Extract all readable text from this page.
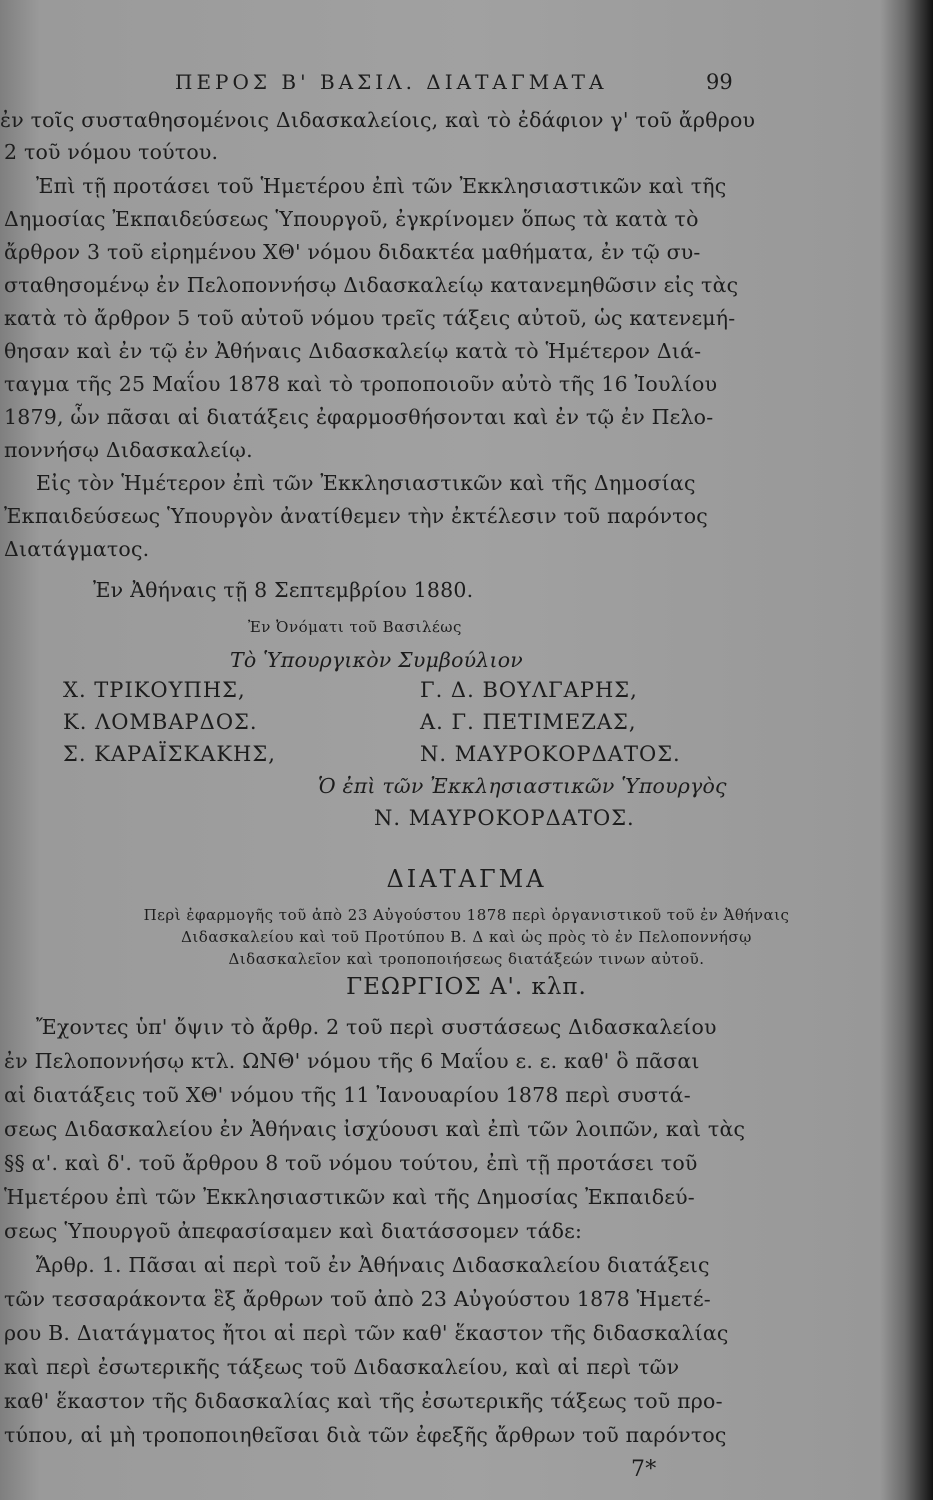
ΠΕΡΟΣ Β' ΒΑΣΙΛ. ΔΙΑΤΑΓΜΑΤΑ	99
ἐν τοῖς συσταθησομένοις Διδασκαλείοις, καὶ τὸ ἐδάφιον γ' τοῦ ἄρθρου
2 τοῦ νόμου τούτου.
Ἐπὶ τῇ προτάσει τοῦ Ἡμετέρου ἐπὶ τῶν Ἐκκλησιαστικῶν καὶ τῆς
Δημοσίας Ἐκπαιδεύσεως Ὑπουργοῦ, ἐγκρίνομεν ὅπως τὰ κατὰ τὸ
ἄρθρον 3 τοῦ εἰρημένου ΧΘ' νόμου διδακτέα μαθήματα, ἐν τῷ συ-
σταθησομένῳ ἐν Πελοποννήσῳ Διδασκαλείῳ κατανεμηθῶσιν εἰς τὰς
κατὰ τὸ ἄρθρον 5 τοῦ αὐτοῦ νόμου τρεῖς τάξεις αὐτοῦ, ὡς κατενεμή-
θησαν καὶ ἐν τῷ ἐν Ἀθήναις Διδασκαλείῳ κατὰ τὸ Ἡμέτερον Διά-
ταγμα τῆς 25 Μαΐου 1878 καὶ τὸ τροποποιοῦν αὐτὸ τῆς 16 Ἰουλίου
1879, ὧν πᾶσαι αἱ διατάξεις ἐφαρμοσθήσονται καὶ ἐν τῷ ἐν Πελο-
ποννήσῳ Διδασκαλείῳ.
Εἰς τὸν Ἡμέτερον ἐπὶ τῶν Ἐκκλησιαστικῶν καὶ τῆς Δημοσίας
Ἐκπαιδεύσεως Ὑπουργὸν ἀνατίθεμεν τὴν ἐκτέλεσιν τοῦ παρόντος
Διατάγματος.
Ἐν Ἀθήναις τῇ 8 Σεπτεμβρίου 1880.
Ἐν Ὀνόματι τοῦ Βασιλέως
Τὸ Ὑπουργικὸν Συμβούλιον
Χ. ΤΡΙΚΟΥΠΗΣ,
Κ. ΛΟΜΒΑΡΔΟΣ.
Σ. ΚΑΡΑΪΣΚΑΚΗΣ,
Γ. Δ. ΒΟΥΛΓΑΡΗΣ,
Α. Γ. ΠΕΤΙΜΕΖΑΣ,
Ν. ΜΑΥΡΟΚΟΡΔΑΤΟΣ.
Ὁ ἐπὶ τῶν Ἐκκλησιαστικῶν Ὑπουργὸς
Ν. ΜΑΥΡΟΚΟΡΔΑΤΟΣ.
ΔΙΑΤΑΓΜΑ
Περὶ ἐφαρμογῆς τοῦ ἀπὸ 23 Αὐγούστου 1878 περὶ ὀργανιστικοῦ τοῦ ἐν Ἀθήναις
Διδασκαλείου καὶ τοῦ Προτύπου Β. Δ καὶ ὡς πρὸς τὸ ἐν Πελοποννήσῳ
Διδασκαλεῖον καὶ τροποποιήσεως διατάξεών τινων αὐτοῦ.
ΓΕΩΡΓΙΟΣ Α'. κλπ.
Ἔχοντες ὑπ' ὄψιν τὸ ἄρθρ. 2 τοῦ περὶ συστάσεως Διδασκαλείου
ἐν Πελοποννήσῳ κτλ. ΩΝΘ' νόμου τῆς 6 Μαΐου ε. ε. καθ' ὃ πᾶσαι
αἱ διατάξεις τοῦ ΧΘ' νόμου τῆς 11 Ἰανουαρίου 1878 περὶ συστά-
σεως Διδασκαλείου ἐν Ἀθήναις ἰσχύουσι καὶ ἐπὶ τῶν λοιπῶν, καὶ τὰς
§§ α'. καὶ δ'. τοῦ ἄρθρου 8 τοῦ νόμου τούτου, ἐπὶ τῇ προτάσει τοῦ
Ἡμετέρου ἐπὶ τῶν Ἐκκλησιαστικῶν καὶ τῆς Δημοσίας Ἐκπαιδεύ-
σεως Ὑπουργοῦ ἀπεφασίσαμεν καὶ διατάσσομεν τάδε:
Ἄρθρ. 1. Πᾶσαι αἱ περὶ τοῦ ἐν Ἀθήναις Διδασκαλείου διατάξεις
τῶν τεσσαράκοντα ἓξ ἄρθρων τοῦ ἀπὸ 23 Αὐγούστου 1878 Ἡμετέ-
ρου Β. Διατάγματος ἤτοι αἱ περὶ τῶν καθ' ἕκαστον τῆς διδασκαλίας
καὶ περὶ ἐσωτερικῆς τάξεως τοῦ Διδασκαλείου, καὶ αἱ περὶ τῶν
καθ' ἕκαστον τῆς διδασκαλίας καὶ τῆς ἐσωτερικῆς τάξεως τοῦ προ-
τύπου, αἱ μὴ τροποποιηθεῖσαι διὰ τῶν ἐφεξῆς ἄρθρων τοῦ παρόντος
7*
